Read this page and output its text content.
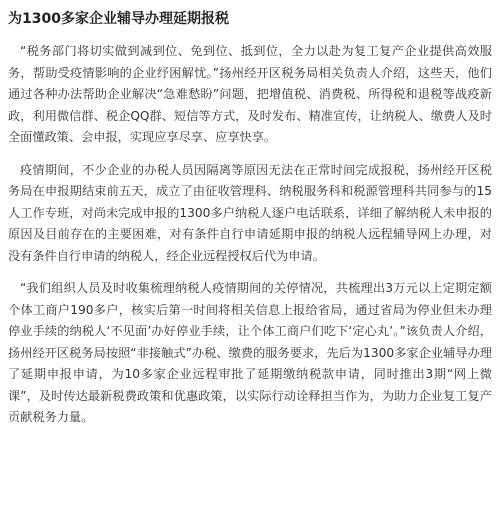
为1300多家企业辅导办理延期报税

“税务部门将切实做到减到位、免到位、抵到位，全力以赴为复工复产企业提供高效服务，帮助受疫情影响的企业纾困解忧。”扬州经开区税务局相关负责人介绍，这些天，他们通过各种办法帮助企业解决“急难愁盼”问题，把增值税、消费税、所得税和退税等战疫新政，利用微信群、税企QQ群、短信等方式，及时发布、精准宣传，让纳税人、缴费人及时全面懂政策、会申报，实现应享尽享、应享快享。

疫情期间，不少企业的办税人员因隔离等原因无法在正常时间完成报税，扬州经开区税务局在申报期结束前五天，成立了由征收管理科、纳税服务科和税源管理科共同参与的15人工作专班，对尚未完成申报的1300多户纳税人逐户电话联系，详细了解纳税人未申报的原因及目前存在的主要困难，对有条件自行申请延期申报的纳税人远程辅导网上办理，对没有条件自行申请的纳税人，经企业远程授权后代为申请。

“我们组织人员及时收集梳理纳税人疫情期间的关停情况，共梳理出3万元以上定期定额个体工商户190多户，核实后第一时间将相关信息上报给省局，通过省局为停业但未办理停业手续的纳税人‘不见面’办好停业手续，让个体工商户们吃下‘定心丸’。”该负责人介绍，扬州经开区税务局按照“非接触式”办税、缴费的服务要求，先后为1300多家企业辅导办理了延期申报申请，为10多家企业远程审批了延期缴纳税款申请，同时推出3期“网上微课”，及时传达最新税费政策和优惠政策，以实际行动诠释担当作为，为助力企业复工复产贡献税务力量。
